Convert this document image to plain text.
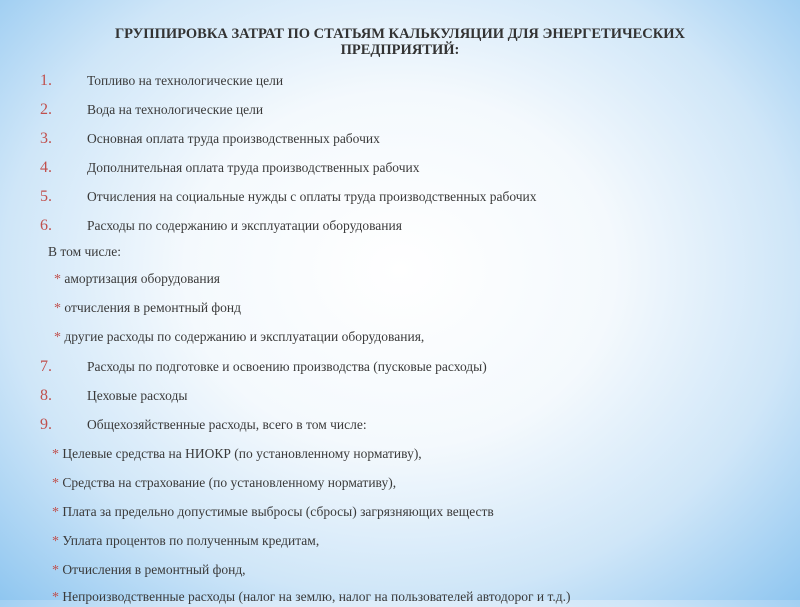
ГРУППИРОВКА ЗАТРАТ ПО СТАТЬЯМ КАЛЬКУЛЯЦИИ ДЛЯ ЭНЕРГЕТИЧЕСКИХ ПРЕДПРИЯТИЙ:
1.	Топливо на технологические цели
2.	Вода на технологические цели
3.	Основная оплата труда производственных рабочих
4.	Дополнительная оплата труда производственных рабочих
5.	Отчисления на социальные нужды с оплаты труда производственных рабочих
6.	Расходы по содержанию и эксплуатации оборудования
В том числе:
* амортизация оборудования
* отчисления в ремонтный фонд
* другие расходы по содержанию и эксплуатации оборудования,
7.	Расходы по подготовке и освоению производства (пусковые расходы)
8.	Цеховые расходы
9.	Общехозяйственные расходы, всего в том числе:
* Целевые средства на НИОКР (по установленному нормативу),
* Средства на страхование (по установленному нормативу),
* Плата за предельно допустимые выбросы (сбросы) загрязняющих веществ
* Уплата процентов по полученным кредитам,
* Отчисления в ремонтный фонд,
* Непроизводственные расходы (налог на землю, налог на пользователей автодорог и т.д.)
